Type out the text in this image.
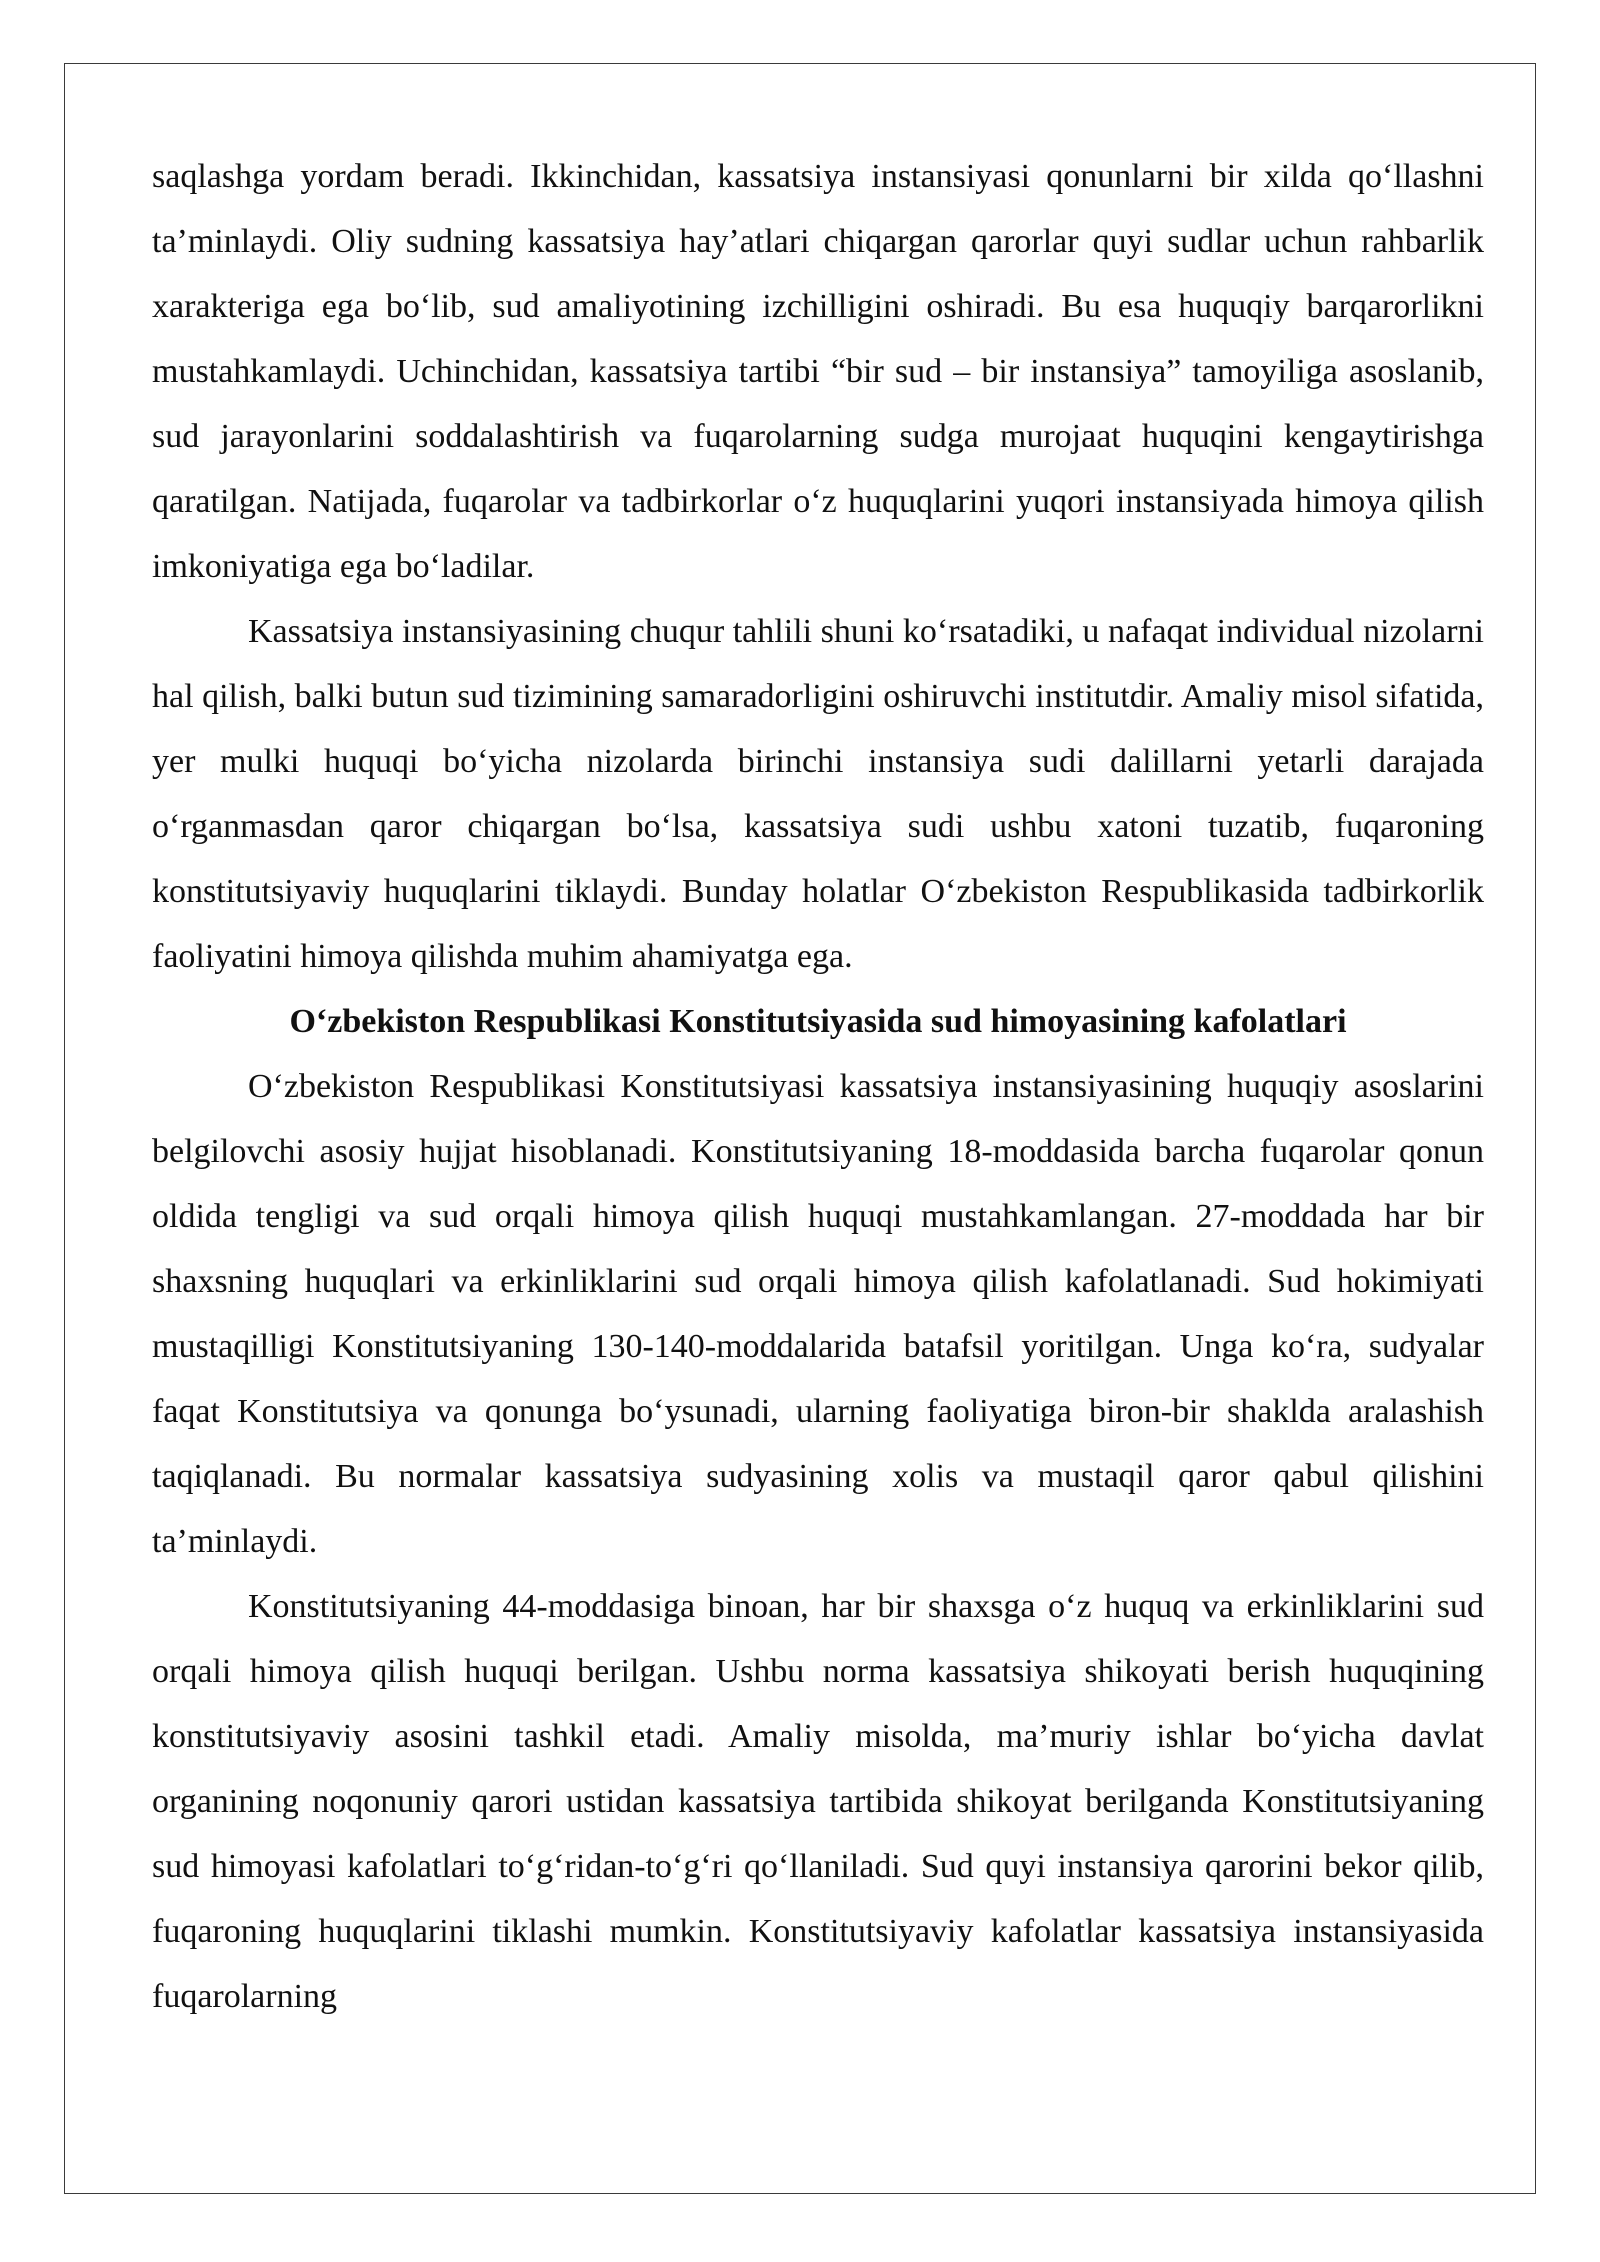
saqlashga yordam beradi. Ikkinchidan, kassatsiya instansiyasi qonunlarni bir xilda qo‘llashni ta’minlaydi. Oliy sudning kassatsiya hay’atlari chiqargan qarorlar quyi sudlar uchun rahbarlik xarakteriga ega bo‘lib, sud amaliyotining izchilligini oshiradi. Bu esa huquqiy barqarorlikni mustahkamlaydi. Uchinchidan, kassatsiya tartibi “bir sud – bir instansiya” tamoyiliga asoslanib, sud jarayonlarini soddalashtirish va fuqarolarning sudga murojaat huquqini kengaytirishga qaratilgan. Natijada, fuqarolar va tadbirkorlar o‘z huquqlarini yuqori instansiyada himoya qilish imkoniyatiga ega bo‘ladilar.

Kassatsiya instansiyasining chuqur tahlili shuni ko‘rsatadiki, u nafaqat individual nizolarni hal qilish, balki butun sud tizimining samaradorligini oshiruvchi institutdir. Amaliy misol sifatida, yer mulki huquqi bo‘yicha nizolarda birinchi instansiya sudi dalillarni yetarli darajada o‘rganmasdan qaror chiqargan bo‘lsa, kassatsiya sudi ushbu xatoni tuzatib, fuqaroning konstitutsiyaviy huquqlarini tiklaydi. Bunday holatlar O‘zbekiston Respublikasida tadbirkorlik faoliyatini himoya qilishda muhim ahamiyatga ega.

O‘zbekiston Respublikasi Konstitutsiyasida sud himoyasining kafolatlari

O‘zbekiston Respublikasi Konstitutsiyasi kassatsiya instansiyasining huquqiy asoslarini belgilovchi asosiy hujjat hisoblanadi. Konstitutsiyaning 18-moddasida barcha fuqarolar qonun oldida tengligi va sud orqali himoya qilish huquqi mustahkamlangan. 27-moddada har bir shaxsning huquqlari va erkinliklarini sud orqali himoya qilish kafolatlanadi. Sud hokimiyati mustaqilligi Konstitutsiyaning 130-140-moddalarida batafsil yoritilgan. Unga ko‘ra, sudyalar faqat Konstitutsiya va qonunga bo‘ysunadi, ularning faoliyatiga biron-bir shaklda aralashish taqiqlanadi. Bu normalar kassatsiya sudyasining xolis va mustaqil qaror qabul qilishini ta’minlaydi.

Konstitutsiyaning 44-moddasiga binoan, har bir shaxsga o‘z huquq va erkinliklarini sud orqali himoya qilish huquqi berilgan. Ushbu norma kassatsiya shikoyati berish huquqining konstitutsiyaviy asosini tashkil etadi. Amaliy misolda, ma’muriy ishlar bo‘yicha davlat organining noqonuniy qarori ustidan kassatsiya tartibida shikoyat berilganda Konstitutsiyaning sud himoyasi kafolatlari to‘g‘ridan-to‘g‘ri qo‘llaniladi. Sud quyi instansiya qarorini bekor qilib, fuqaroning huquqlarini tiklashi mumkin. Konstitutsiyaviy kafolatlar kassatsiya instansiyasida fuqarolarning
